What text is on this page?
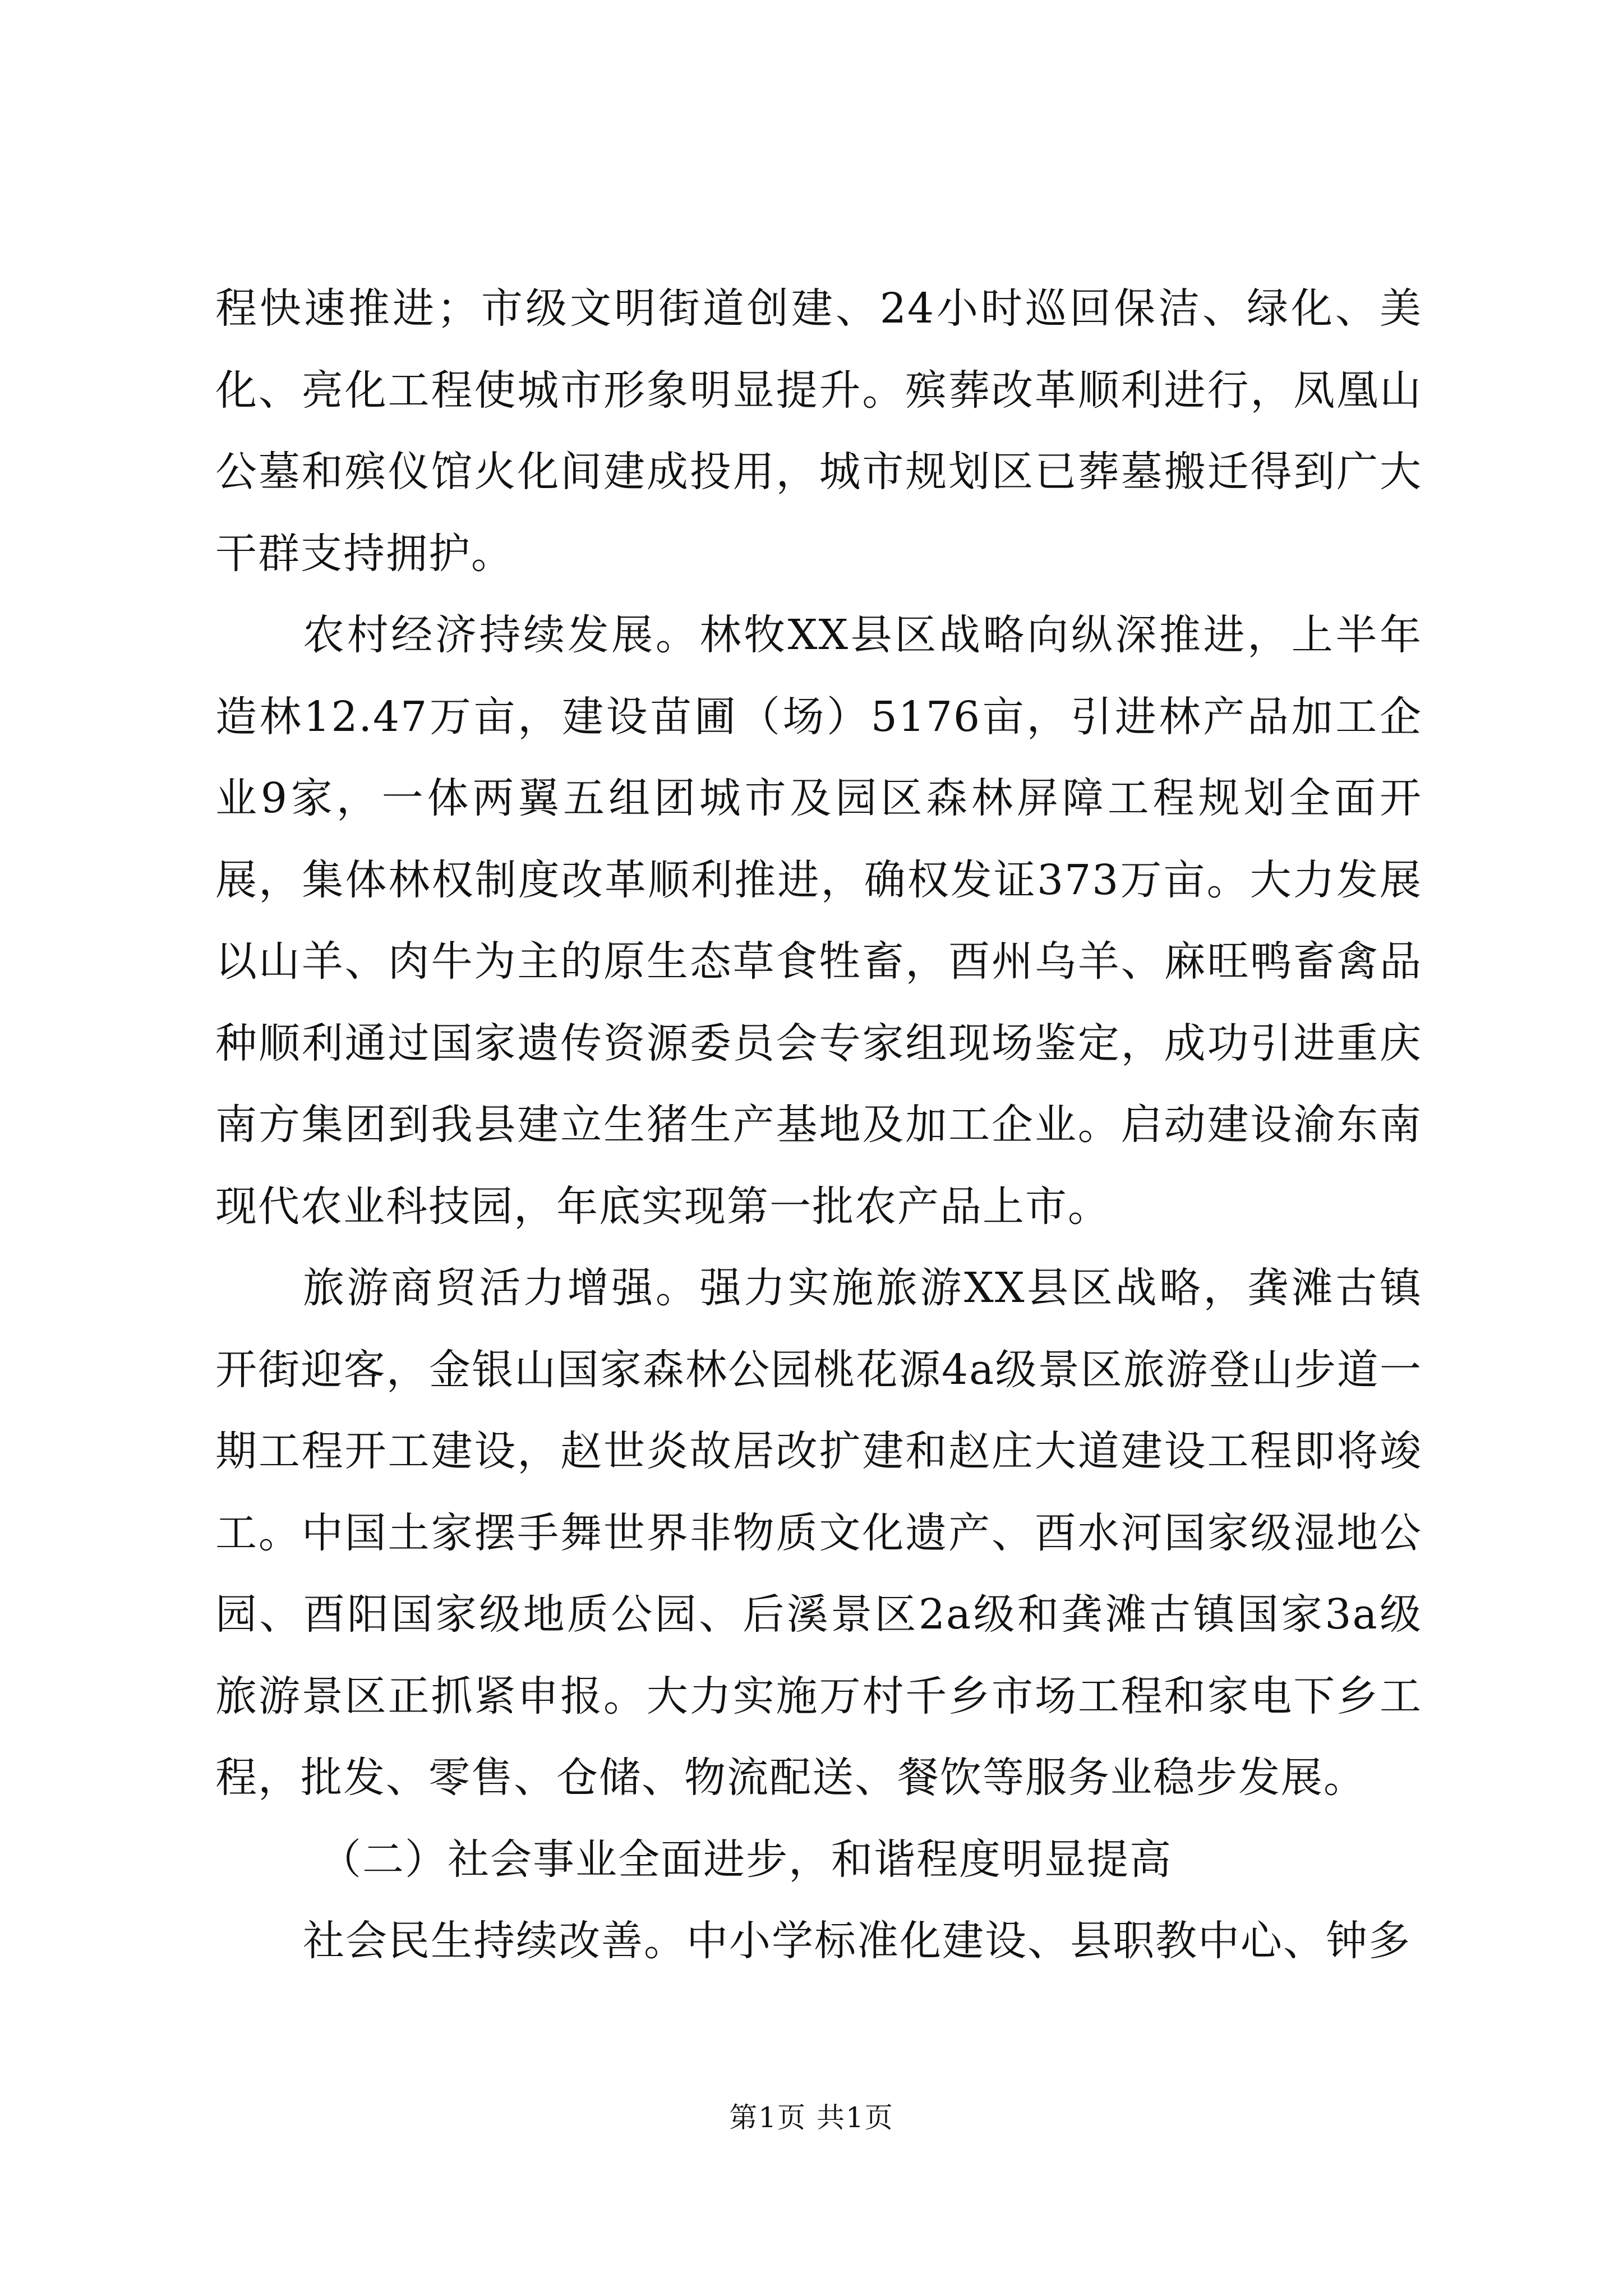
程快速推进；市级文明街道创建、24小时巡回保洁、绿化、美化、亮化工程使城市形象明显提升。殡葬改革顺利进行，凤凰山公墓和殡仪馆火化间建成投用，城市规划区已葬墓搬迁得到广大干群支持拥护。

农村经济持续发展。林牧XX县区战略向纵深推进，上半年造林12.47万亩，建设苗圃（场）5176亩，引进林产品加工企业9家，一体两翼五组团城市及园区森林屏障工程规划全面开展，集体林权制度改革顺利推进，确权发证373万亩。大力发展以山羊、肉牛为主的原生态草食牲畜，酉州乌羊、麻旺鸭畜禽品种顺利通过国家遗传资源委员会专家组现场鉴定，成功引进重庆南方集团到我县建立生猪生产基地及加工企业。启动建设渝东南现代农业科技园，年底实现第一批农产品上市。

旅游商贸活力增强。强力实施旅游XX县区战略，龚滩古镇开街迎客，金银山国家森林公园桃花源4a级景区旅游登山步道一期工程开工建设，赵世炎故居改扩建和赵庄大道建设工程即将竣工。中国土家摆手舞世界非物质文化遗产、酉水河国家级湿地公园、酉阳国家级地质公园、后溪景区2a级和龚滩古镇国家3a级旅游景区正抓紧申报。大力实施万村千乡市场工程和家电下乡工程，批发、零售、仓储、物流配送、餐饮等服务业稳步发展。

（二）社会事业全面进步，和谐程度明显提高

社会民生持续改善。中小学标准化建设、县职教中心、钟多

第1页 共1页
